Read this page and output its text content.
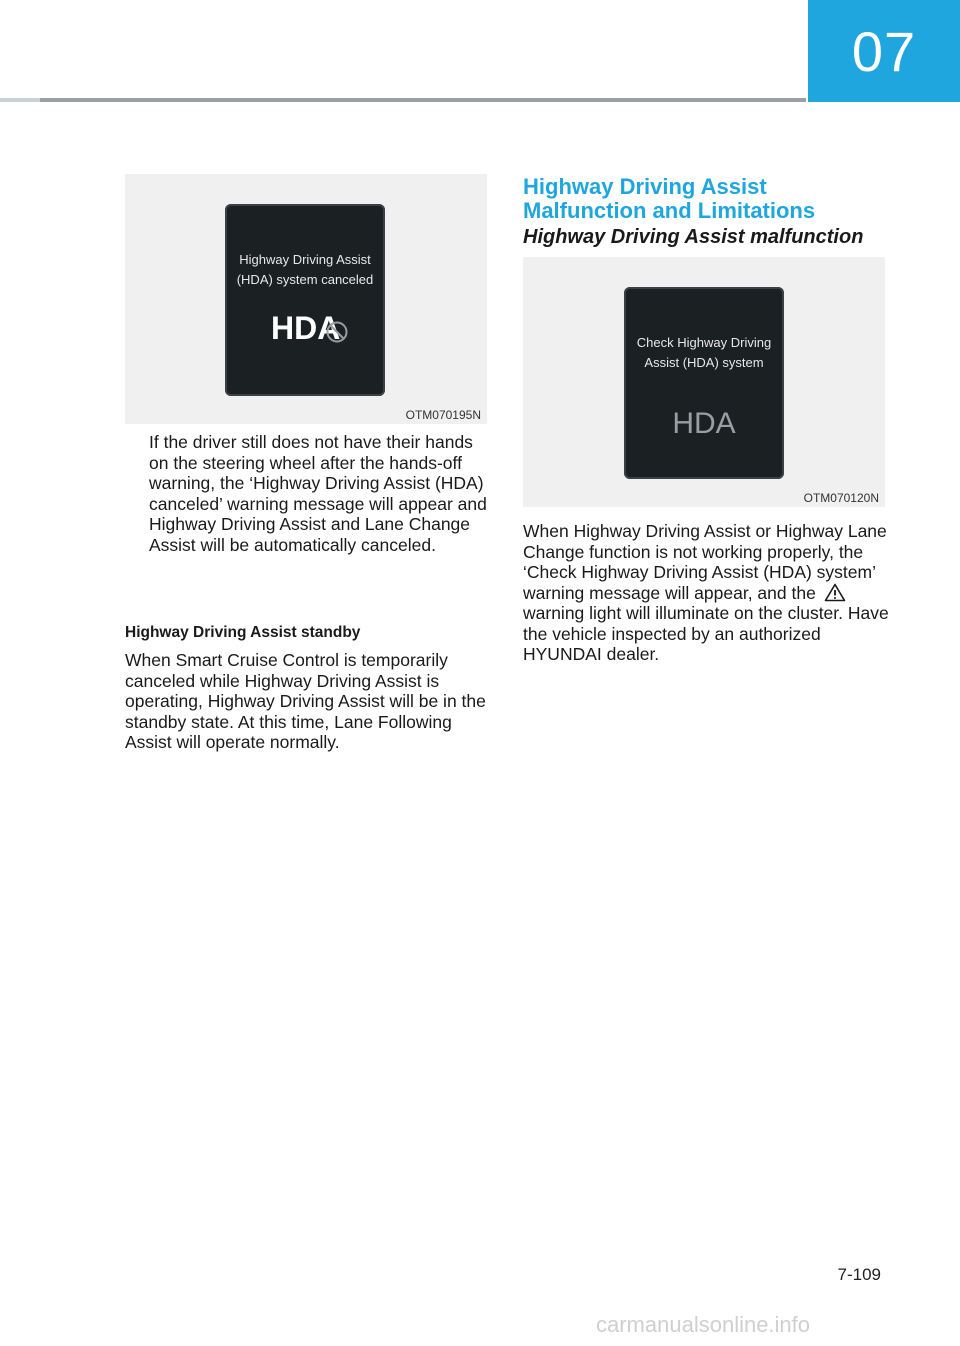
07
Highway Driving Assist
(HDA) system canceled
HDA
OTM070195N
If the driver still does not have their hands on the steering wheel after the hands-off warning, the ‘Highway Driving Assist (HDA) canceled’ warning message will appear and Highway Driving Assist and Lane Change Assist will be automatically canceled.
Highway Driving Assist standby
When Smart Cruise Control is temporarily canceled while Highway Driving Assist is operating, Highway Driving Assist will be in the standby state. At this time, Lane Following Assist will operate normally.
Highway Driving Assist Malfunction and Limitations
Highway Driving Assist malfunction
Check Highway Driving
Assist (HDA) system
HDA
OTM070120N
When Highway Driving Assist or Highway Lane Change function is not working properly, the ‘Check Highway Driving Assist (HDA) system’ warning message will appear, and the  warning light will illuminate on the cluster. Have the vehicle inspected by an authorized HYUNDAI dealer.
7-109
carmanualsonline.info
